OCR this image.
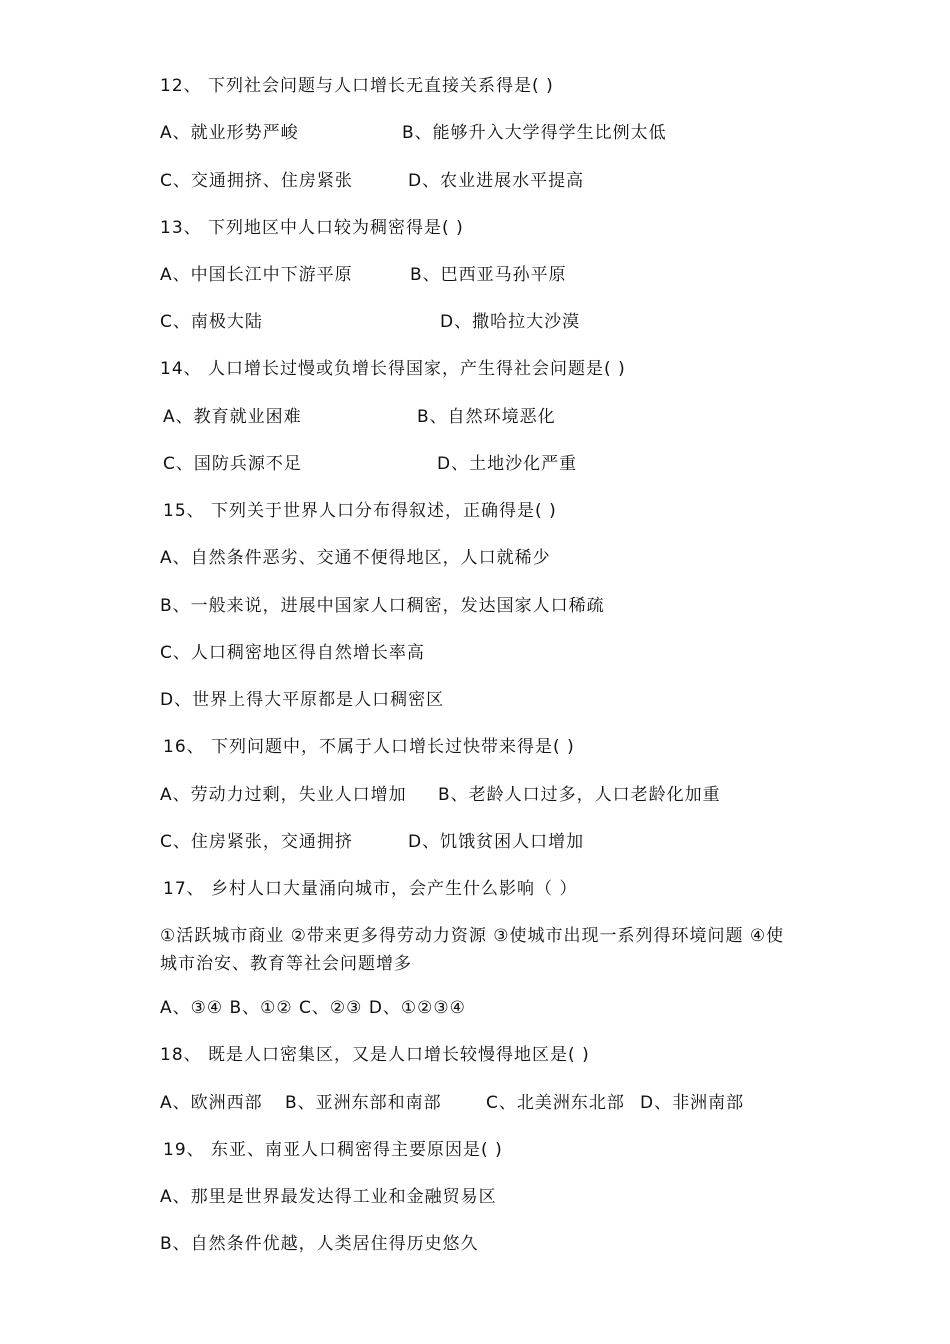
12、 下列社会问题与人口增长无直接关系得是( )
A、就业形势严峻	B、能够升入大学得学生比例太低
C、交通拥挤、住房紧张	D、农业进展水平提高
13、 下列地区中人口较为稠密得是( )
A、中国长江中下游平原	B、巴西亚马孙平原
C、南极大陆	D、撒哈拉大沙漠
14、 人口增长过慢或负增长得国家，产生得社会问题是( )
A、教育就业困难	B、自然环境恶化
C、国防兵源不足	D、土地沙化严重
15、 下列关于世界人口分布得叙述，正确得是( )
A、自然条件恶劣、交通不便得地区，人口就稀少
B、一般来说，进展中国家人口稠密，发达国家人口稀疏
C、人口稠密地区得自然增长率高
D、世界上得大平原都是人口稠密区
16、 下列问题中，不属于人口增长过快带来得是( )
A、劳动力过剩，失业人口增加 B、老龄人口过多，人口老龄化加重
C、住房紧张，交通拥挤	D、饥饿贫困人口增加
17、 乡村人口大量涌向城市，会产生什么影响（ ）
①活跃城市商业 ②带来更多得劳动力资源 ③使城市出现一系列得环境问题 ④使城市治安、教育等社会问题增多
A、③④ B、①② C、②③ D、①②③④
18、 既是人口密集区，又是人口增长较慢得地区是( )
A、欧洲西部 B、亚洲东部和南部	C、北美洲东北部 D、非洲南部
19、 东亚、南亚人口稠密得主要原因是( )
A、那里是世界最发达得工业和金融贸易区
B、自然条件优越，人类居住得历史悠久
